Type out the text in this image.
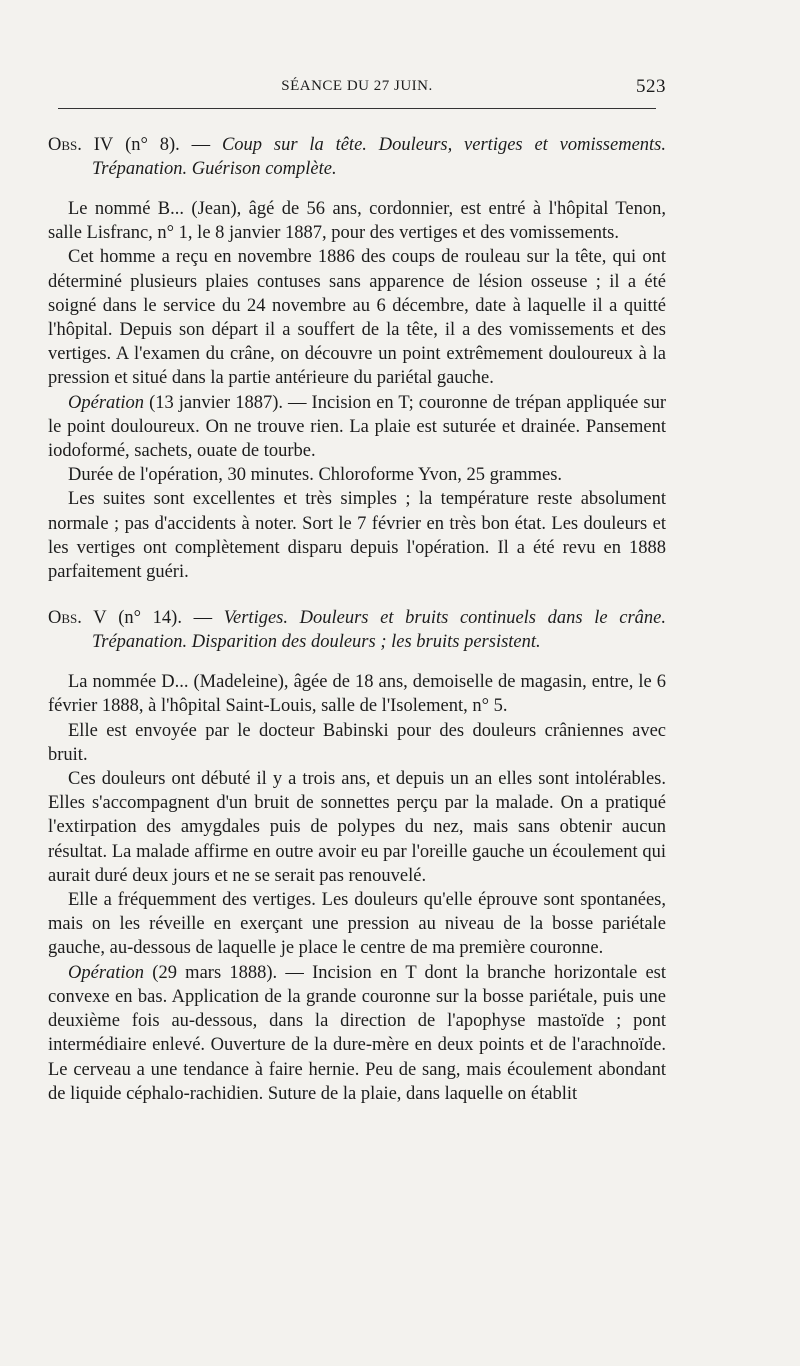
SÉANCE DU 27 JUIN.	523

Obs. IV (n° 8). — Coup sur la tête. Douleurs, vertiges et vomissements. Trépanation. Guérison complète.

Le nommé B... (Jean), âgé de 56 ans, cordonnier, est entré à l'hôpital Tenon, salle Lisfranc, n° 1, le 8 janvier 1887, pour des vertiges et des vomissements.

Cet homme a reçu en novembre 1886 des coups de rouleau sur la tête, qui ont déterminé plusieurs plaies contuses sans apparence de lésion osseuse ; il a été soigné dans le service du 24 novembre au 6 décembre, date à laquelle il a quitté l'hôpital. Depuis son départ il a souffert de la tête, il a des vomissements et des vertiges. A l'examen du crâne, on découvre un point extrêmement douloureux à la pression et situé dans la partie antérieure du pariétal gauche.

Opération (13 janvier 1887). — Incision en T; couronne de trépan appliquée sur le point douloureux. On ne trouve rien. La plaie est suturée et drainée. Pansement iodoformé, sachets, ouate de tourbe.

Durée de l'opération, 30 minutes. Chloroforme Yvon, 25 grammes.

Les suites sont excellentes et très simples ; la température reste absolument normale ; pas d'accidents à noter. Sort le 7 février en très bon état. Les douleurs et les vertiges ont complètement disparu depuis l'opération. Il a été revu en 1888 parfaitement guéri.

Obs. V (n° 14). — Vertiges. Douleurs et bruits continuels dans le crâne. Trépanation. Disparition des douleurs ; les bruits persistent.

La nommée D... (Madeleine), âgée de 18 ans, demoiselle de magasin, entre, le 6 février 1888, à l'hôpital Saint-Louis, salle de l'Isolement, n° 5.

Elle est envoyée par le docteur Babinski pour des douleurs crâniennes avec bruit.

Ces douleurs ont débuté il y a trois ans, et depuis un an elles sont intolérables. Elles s'accompagnent d'un bruit de sonnettes perçu par la malade. On a pratiqué l'extirpation des amygdales puis de polypes du nez, mais sans obtenir aucun résultat. La malade affirme en outre avoir eu par l'oreille gauche un écoulement qui aurait duré deux jours et ne se serait pas renouvelé.

Elle a fréquemment des vertiges. Les douleurs qu'elle éprouve sont spontanées, mais on les réveille en exerçant une pression au niveau de la bosse pariétale gauche, au-dessous de laquelle je place le centre de ma première couronne.

Opération (29 mars 1888). — Incision en T dont la branche horizontale est convexe en bas. Application de la grande couronne sur la bosse pariétale, puis une deuxième fois au-dessous, dans la direction de l'apophyse mastoïde ; pont intermédiaire enlevé. Ouverture de la dure-mère en deux points et de l'arachnoïde. Le cerveau a une tendance à faire hernie. Peu de sang, mais écoulement abondant de liquide céphalo-rachidien. Suture de la plaie, dans laquelle on établit
